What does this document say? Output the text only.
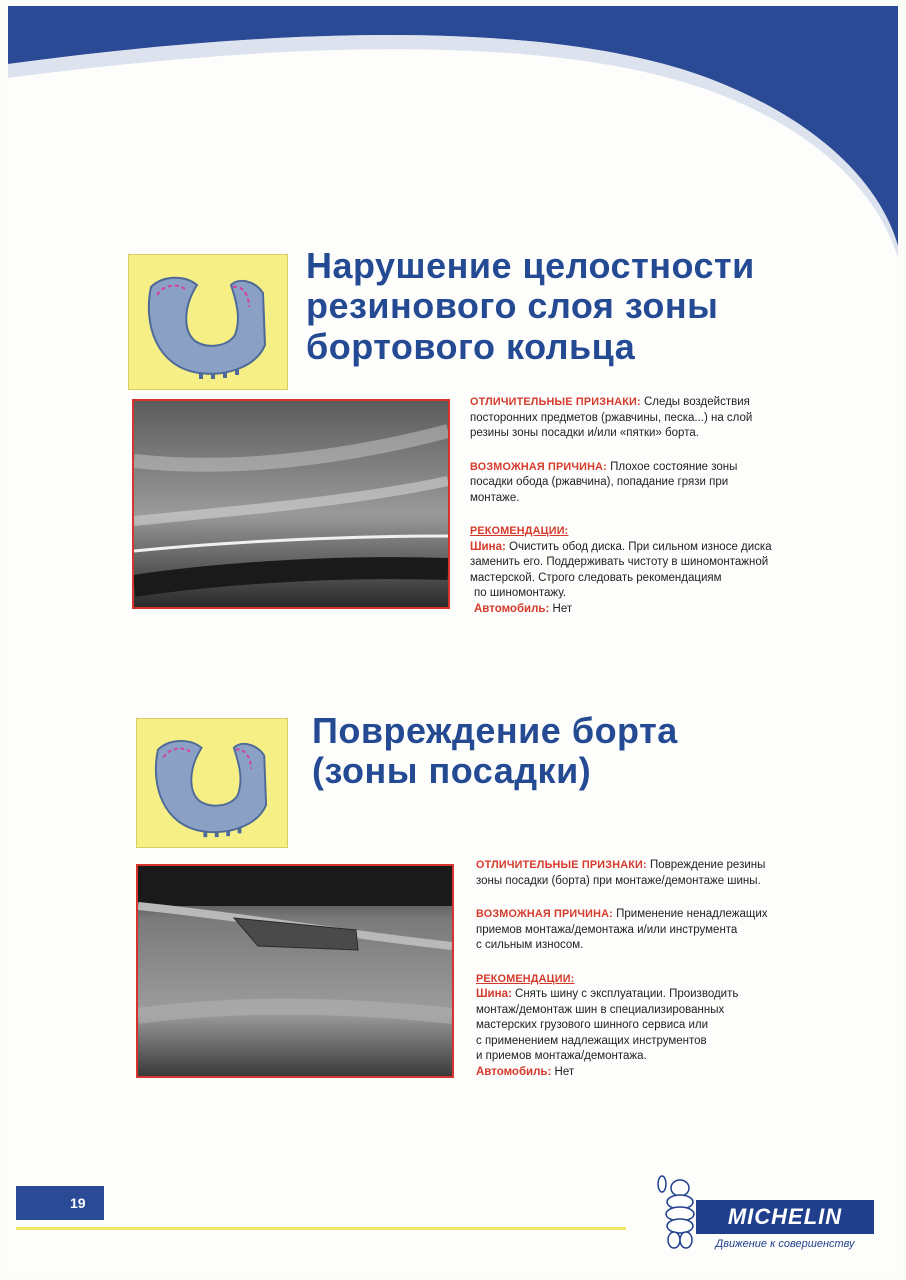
Нарушение целостности
резинового слоя зоны
бортового кольца

ОТЛИЧИТЕЛЬНЫЕ ПРИЗНАКИ: Следы воздействия
посторонних предметов (ржавчины, песка...) на слой
резины зоны посадки и/или «пятки» борта.

ВОЗМОЖНАЯ ПРИЧИНА: Плохое состояние зоны
посадки обода (ржавчина), попадание грязи при
монтаже.

РЕКОМЕНДАЦИИ:

Шина: Очистить обод диска. При сильном износе диска

заменить его. Поддерживать чистоту в шиномонтажной

мастерской. Строго следовать рекомендациям

по шиномонтажу.

Автомобиль: Нет

Повреждение борта
(зоны посадки)

ОТЛИЧИТЕЛЬНЫЕ ПРИЗНАКИ: Повреждение резины
зоны посадки (борта) при монтаже/демонтаже шины.

ВОЗМОЖНАЯ ПРИЧИНА: Применение ненадлежащих
приемов монтажа/демонтажа и/или инструмента
с сильным износом.

РЕКОМЕНДАЦИИ:

Шина: Снять шину с эксплуатации. Производить

монтаж/демонтаж шин в специализированных

мастерских грузового шинного сервиса или

с применением надлежащих инструментов

и приемов монтажа/демонтажа.

Автомобиль: Нет

19
MICHELIN
Движение к совершенству
